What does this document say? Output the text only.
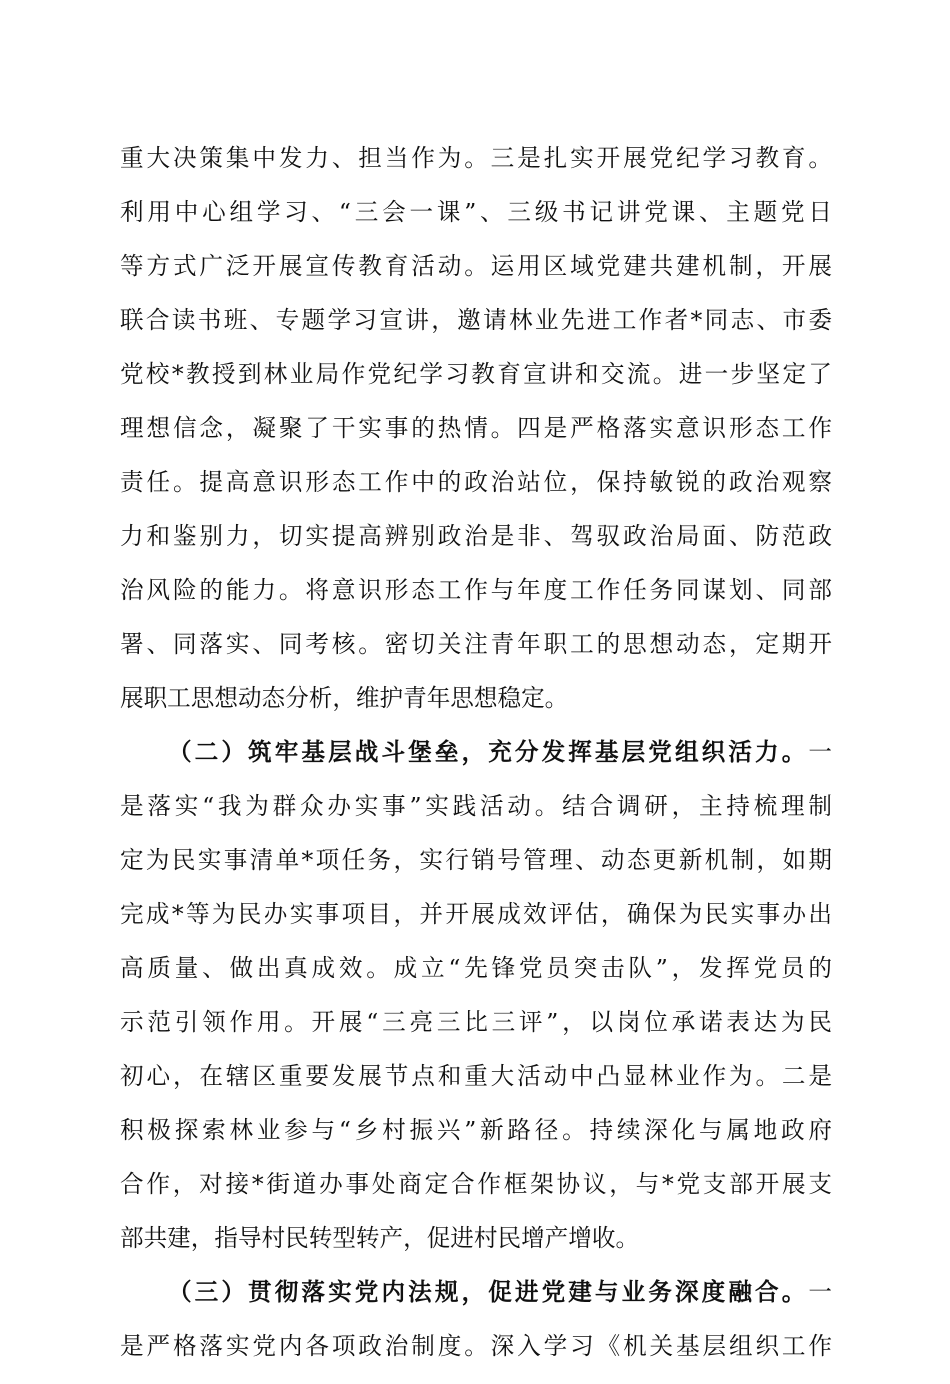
重大决策集中发力、担当作为。三是扎实开展党纪学习教育。
利用中心组学习、“三会一课”、三级书记讲党课、主题党日
等方式广泛开展宣传教育活动。运用区域党建共建机制，开展
联合读书班、专题学习宣讲，邀请林业先进工作者*同志、市委
党校*教授到林业局作党纪学习教育宣讲和交流。进一步坚定了
理想信念，凝聚了干实事的热情。四是严格落实意识形态工作
责任。提高意识形态工作中的政治站位，保持敏锐的政治观察
力和鉴别力，切实提高辨别政治是非、驾驭政治局面、防范政
治风险的能力。将意识形态工作与年度工作任务同谋划、同部
署、同落实、同考核。密切关注青年职工的思想动态，定期开
展职工思想动态分析，维护青年思想稳定。
（二）筑牢基层战斗堡垒，充分发挥基层党组织活力。一
是落实“我为群众办实事”实践活动。结合调研，主持梳理制
定为民实事清单*项任务，实行销号管理、动态更新机制，如期
完成*等为民办实事项目，并开展成效评估，确保为民实事办出
高质量、做出真成效。成立“先锋党员突击队”，发挥党员的
示范引领作用。开展“三亮三比三评”，以岗位承诺表达为民
初心，在辖区重要发展节点和重大活动中凸显林业作为。二是
积极探索林业参与“乡村振兴”新路径。持续深化与属地政府
合作，对接*街道办事处商定合作框架协议，与*党支部开展支
部共建，指导村民转型转产，促进村民增产增收。
（三）贯彻落实党内法规，促进党建与业务深度融合。一
是严格落实党内各项政治制度。深入学习《机关基层组织工作
